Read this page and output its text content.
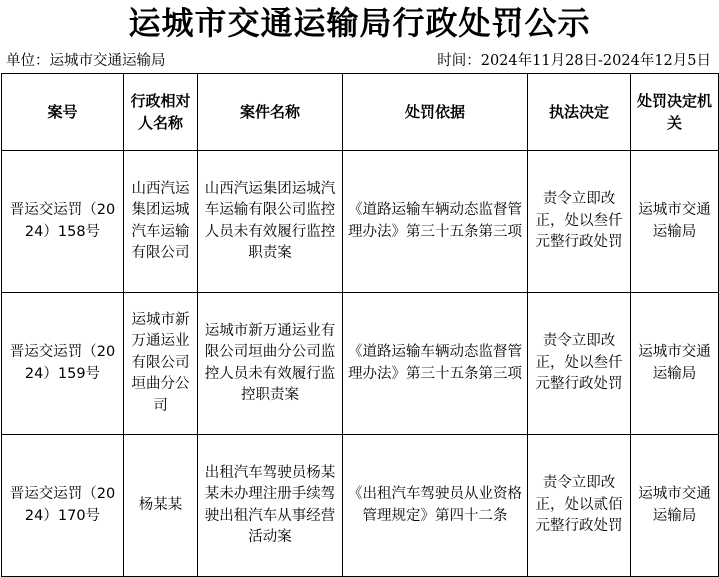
运城市交通运输局行政处罚公示
单位：运城市交通运输局	时间：2024年11月28日-2024年12月5日
案号	行政相对人名称	案件名称	处罚依据	执法决定	处罚决定机关
晋运交运罚（2024）158号	山西汽运集团运城汽车运输有限公司	山西汽运集团运城汽车运输有限公司监控人员未有效履行监控职责案	《道路运输车辆动态监督管理办法》第三十五条第三项	责令立即改正，处以叁仟元整行政处罚	运城市交通运输局
晋运交运罚（2024）159号	运城市新万通运业有限公司垣曲分公司	运城市新万通运业有限公司垣曲分公司监控人员未有效履行监控职责案	《道路运输车辆动态监督管理办法》第三十五条第三项	责令立即改正，处以叁仟元整行政处罚	运城市交通运输局
晋运交运罚（2024）170号	杨某某	出租汽车驾驶员杨某某未办理注册手续驾驶出租汽车从事经营活动案	《出租汽车驾驶员从业资格管理规定》第四十二条	责令立即改正，处以贰佰元整行政处罚	运城市交通运输局
